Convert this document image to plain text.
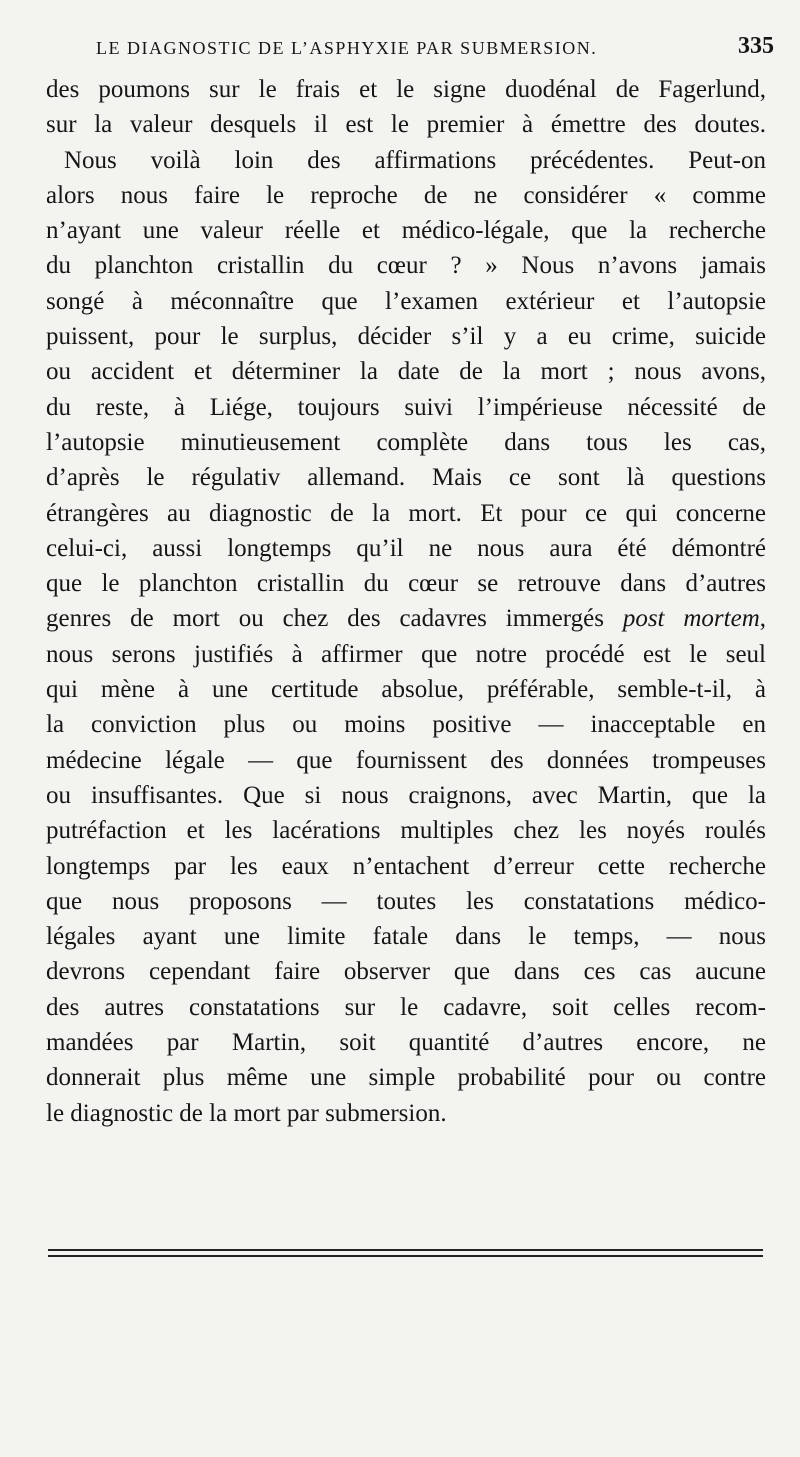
LE DIAGNOSTIC DE L’ASPHYXIE PAR SUBMERSION.	335
des poumons sur le frais et le signe duodénal de Fagerlund,
sur la valeur desquels il est le premier à émettre des doutes.
Nous voilà loin des affirmations précédentes. Peut-on
alors nous faire le reproche de ne considérer « comme
n’ayant une valeur réelle et médico-légale, que la recherche
du planchton cristallin du cœur ? » Nous n’avons jamais
songé à méconnaître que l’examen extérieur et l’autopsie
puissent, pour le surplus, décider s’il y a eu crime, suicide
ou accident et déterminer la date de la mort ; nous avons,
du reste, à Liége, toujours suivi l’impérieuse nécessité de
l’autopsie minutieusement complète dans tous les cas,
d’après le régulativ allemand. Mais ce sont là questions
étrangères au diagnostic de la mort. Et pour ce qui concerne
celui-ci, aussi longtemps qu’il ne nous aura été démontré
que le planchton cristallin du cœur se retrouve dans d’autres
genres de mort ou chez des cadavres immergés post mortem,
nous serons justifiés à affirmer que notre procédé est le seul
qui mène à une certitude absolue, préférable, semble-t-il, à
la conviction plus ou moins positive — inacceptable en
médecine légale — que fournissent des données trompeuses
ou insuffisantes. Que si nous craignons, avec Martin, que la
putréfaction et les lacérations multiples chez les noyés roulés
longtemps par les eaux n’entachent d’erreur cette recherche
que nous proposons — toutes les constatations médico-
légales ayant une limite fatale dans le temps, — nous
devrons cependant faire observer que dans ces cas aucune
des autres constatations sur le cadavre, soit celles recom-
mandées par Martin, soit quantité d’autres encore, ne
donnerait plus même une simple probabilité pour ou contre
le diagnostic de la mort par submersion.
